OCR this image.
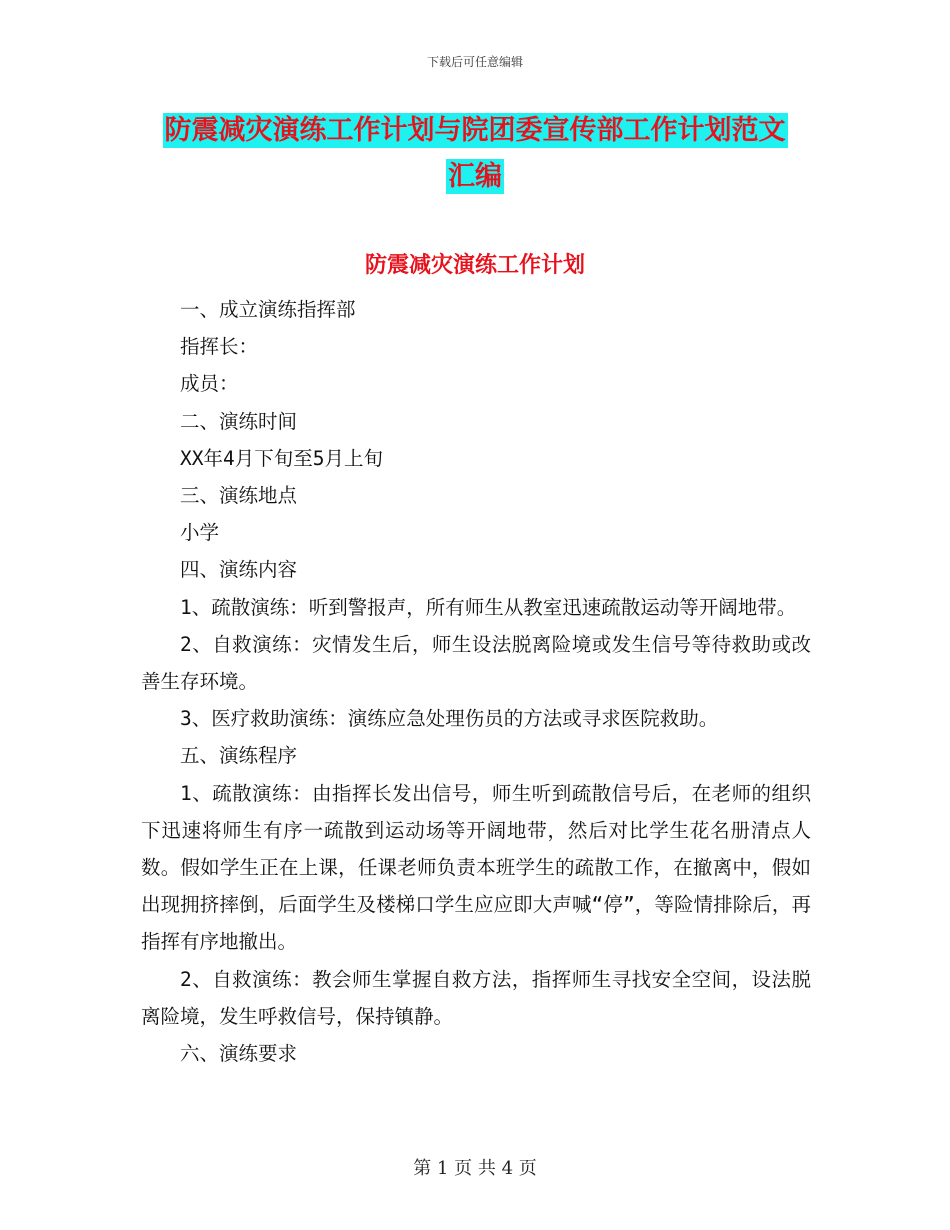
下载后可任意编辑
防震减灾演练工作计划与院团委宣传部工作计划范文
汇编
防震减灾演练工作计划

一、成立演练指挥部

指挥长：

成员：

二、演练时间

XX年4月下旬至5月上旬

三、演练地点

小学

四、演练内容

1、疏散演练：听到警报声，所有师生从教室迅速疏散运动等开阔地带。

2、自救演练：灾情发生后，师生设法脱离险境或发生信号等待救助或改善生存环境。

3、医疗救助演练：演练应急处理伤员的方法或寻求医院救助。

五、演练程序

1、疏散演练：由指挥长发出信号，师生听到疏散信号后，在老师的组织下迅速将师生有序一疏散到运动场等开阔地带，然后对比学生花名册清点人数。假如学生正在上课，任课老师负责本班学生的疏散工作，在撤离中，假如出现拥挤摔倒，后面学生及楼梯口学生应应即大声喊“停”，等险情排除后，再指挥有序地撤出。

2、自救演练：教会师生掌握自救方法，指挥师生寻找安全空间，设法脱离险境，发生呼救信号，保持镇静。

六、演练要求

第 1 页 共 4 页
